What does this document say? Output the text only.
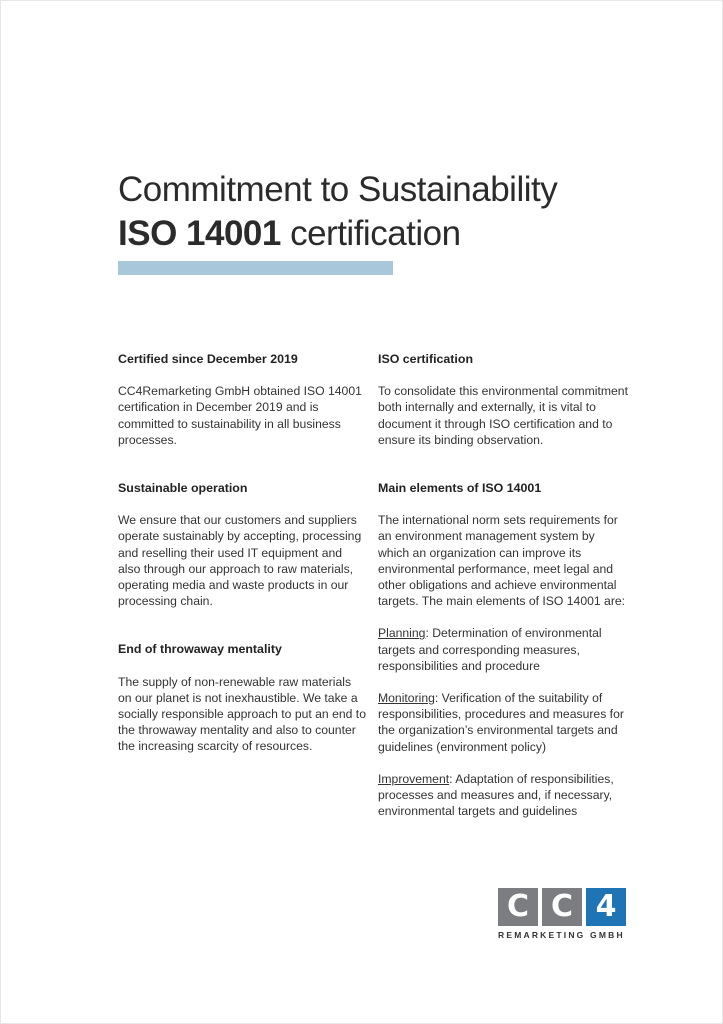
Commitment to Sustainability
ISO 14001 certification
Certified since December 2019

CC4Remarketing GmbH obtained ISO 14001 certification in December 2019 and is committed to sustainability in all business processes.

Sustainable operation

We ensure that our customers and suppliers operate sustainably by accepting, processing and reselling their used IT equipment and also through our approach to raw materials, operating media and waste products in our processing chain.

End of throwaway mentality

The supply of non-renewable raw materials on our planet is not inexhaustible. We take a socially responsible approach to put an end to the throwaway mentality and also to counter the increasing scarcity of resources.

ISO certification

To consolidate this environmental commitment both internally and externally, it is vital to document it through ISO certification and to ensure its binding observation.

Main elements of ISO 14001

The international norm sets requirements for an environment management system by which an organization can improve its environmental performance, meet legal and other obligations and achieve environmental targets. The main elements of ISO 14001 are:

Planning: Determination of environmental targets and corresponding measures, responsibilities and procedure

Monitoring: Verification of the suitability of responsibilities, procedures and measures for the organization’s environmental targets and guidelines (environment policy)

Improvement: Adaptation of responsibilities, processes and measures and, if necessary, environmental targets and guidelines

C C 4
REMARKETING GMBH
